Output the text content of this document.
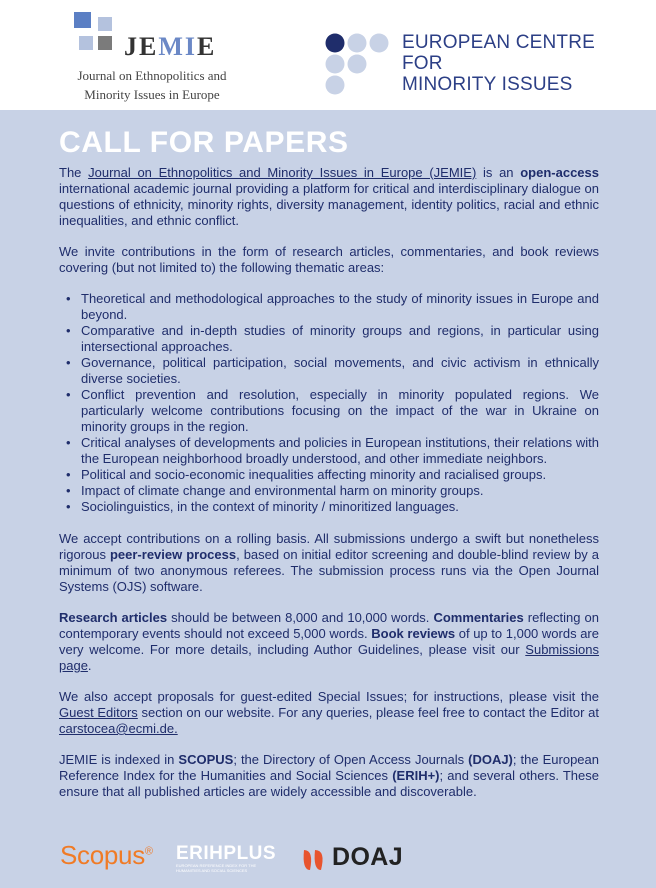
JEMIE
Journal on Ethnopolitics and
Minority Issues in Europe
EUROPEAN CENTRE
FOR
MINORITY ISSUES
CALL FOR PAPERS

The Journal on Ethnopolitics and Minority Issues in Europe (JEMIE) is an open-access international academic journal providing a platform for critical and interdisciplinary dialogue on questions of ethnicity, minority rights, diversity management, identity politics, racial and ethnic inequalities, and ethnic conflict.

We invite contributions in the form of research articles, commentaries, and book reviews covering (but not limited to) the following thematic areas:

• Theoretical and methodological approaches to the study of minority issues in Europe and beyond.
• Comparative and in-depth studies of minority groups and regions, in particular using intersectional approaches.
• Governance, political participation, social movements, and civic activism in ethnically diverse societies.
• Conflict prevention and resolution, especially in minority populated regions. We particularly welcome contributions focusing on the impact of the war in Ukraine on minority groups in the region.
• Critical analyses of developments and policies in European institutions, their relations with the European neighborhood broadly understood, and other immediate neighbors.
• Political and socio-economic inequalities affecting minority and racialised groups.
• Impact of climate change and environmental harm on minority groups.
• Sociolinguistics, in the context of minority / minoritized languages.

We accept contributions on a rolling basis. All submissions undergo a swift but nonetheless rigorous peer-review process, based on initial editor screening and double-blind review by a minimum of two anonymous referees. The submission process runs via the Open Journal Systems (OJS) software.

Research articles should be between 8,000 and 10,000 words. Commentaries reflecting on contemporary events should not exceed 5,000 words. Book reviews of up to 1,000 words are very welcome. For more details, including Author Guidelines, please visit our Submissions page.

We also accept proposals for guest-edited Special Issues; for instructions, please visit the Guest Editors section on our website. For any queries, please feel free to contact the Editor at carstocea@ecmi.de.

JEMIE is indexed in SCOPUS; the Directory of Open Access Journals (DOAJ); the European Reference Index for the Humanities and Social Sciences (ERIH+); and several others. These ensure that all published articles are widely accessible and discoverable.

Scopus® ERIHPLUS
EUROPEAN REFERENCE INDEX FOR THE
HUMANITIES AND SOCIAL SCIENCES	DOAJ
